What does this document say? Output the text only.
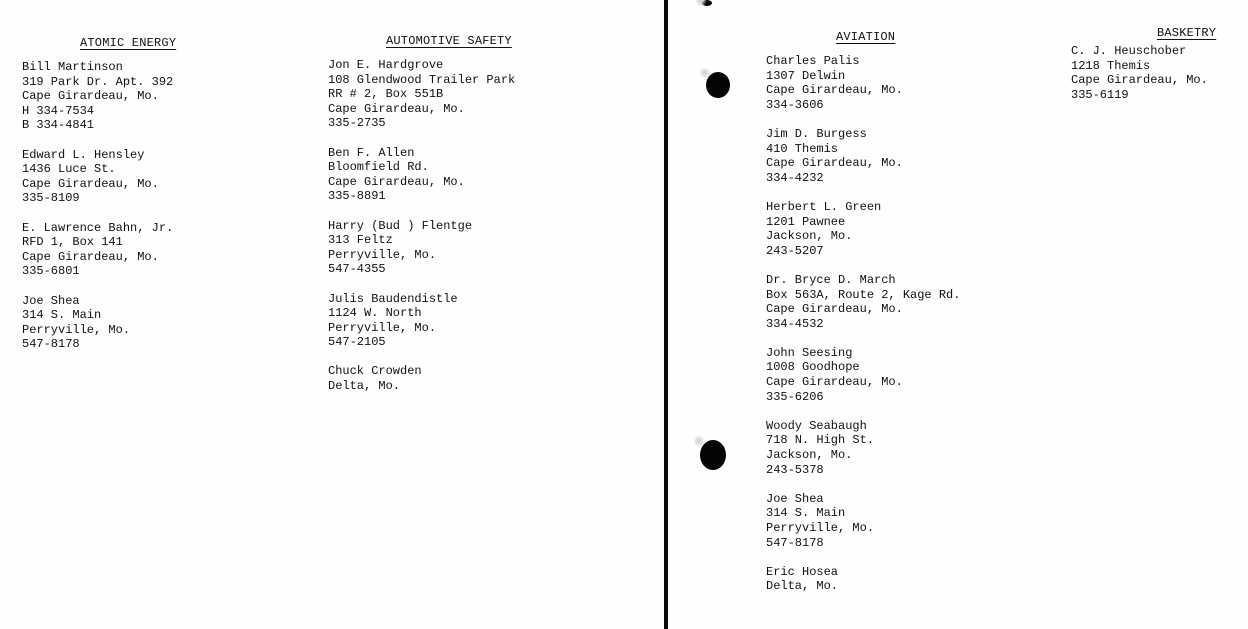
ATOMIC ENERGY
Bill Martinson
319 Park Dr. Apt. 392
Cape Girardeau, Mo.
H 334-7534
B 334-4841
Edward L. Hensley
1436 Luce St.
Cape Girardeau, Mo.
335-8109
E. Lawrence Bahn, Jr.
RFD 1, Box 141
Cape Girardeau, Mo.
335-6801
Joe Shea
314 S. Main
Perryville, Mo.
547-8178
AUTOMOTIVE SAFETY
Jon E. Hardgrove
108 Glendwood Trailer Park
RR # 2, Box 551B
Cape Girardeau, Mo.
335-2735
Ben F. Allen
Bloomfield Rd.
Cape Girardeau, Mo.
335-8891
Harry (Bud ) Flentge
313 Feltz
Perryville, Mo.
547-4355
Julis Baudendistle
1124 W. North
Perryville, Mo.
547-2105
Chuck Crowden
Delta, Mo.
AVIATION
Charles Palis
1307 Delwin
Cape Girardeau, Mo.
334-3606
Jim D. Burgess
410 Themis
Cape Girardeau, Mo.
334-4232
Herbert L. Green
1201 Pawnee
Jackson, Mo.
243-5207
Dr. Bryce D. March
Box 563A, Route 2, Kage Rd.
Cape Girardeau, Mo.
334-4532
John Seesing
1008 Goodhope
Cape Girardeau, Mo.
335-6206
Woody Seabaugh
718 N. High St.
Jackson, Mo.
243-5378
Joe Shea
314 S. Main
Perryville, Mo.
547-8178
Eric Hosea
Delta, Mo.
BASKETRY
C. J. Heuschober
1218 Themis
Cape Girardeau, Mo.
335-6119
